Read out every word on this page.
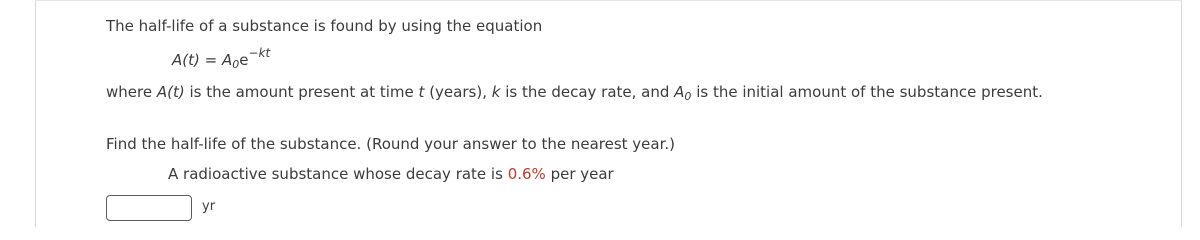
The half-life of a substance is found by using the equation
$A(t) = A_0e^{-kt}$
where A(t) is the amount present at time t (years), k is the decay rate, and $A_0$ is the initial amount of the substance present.
Find the half-life of the substance. (Round your answer to the nearest year.)
A radioactive substance whose decay rate is 0.6% per year
yr
